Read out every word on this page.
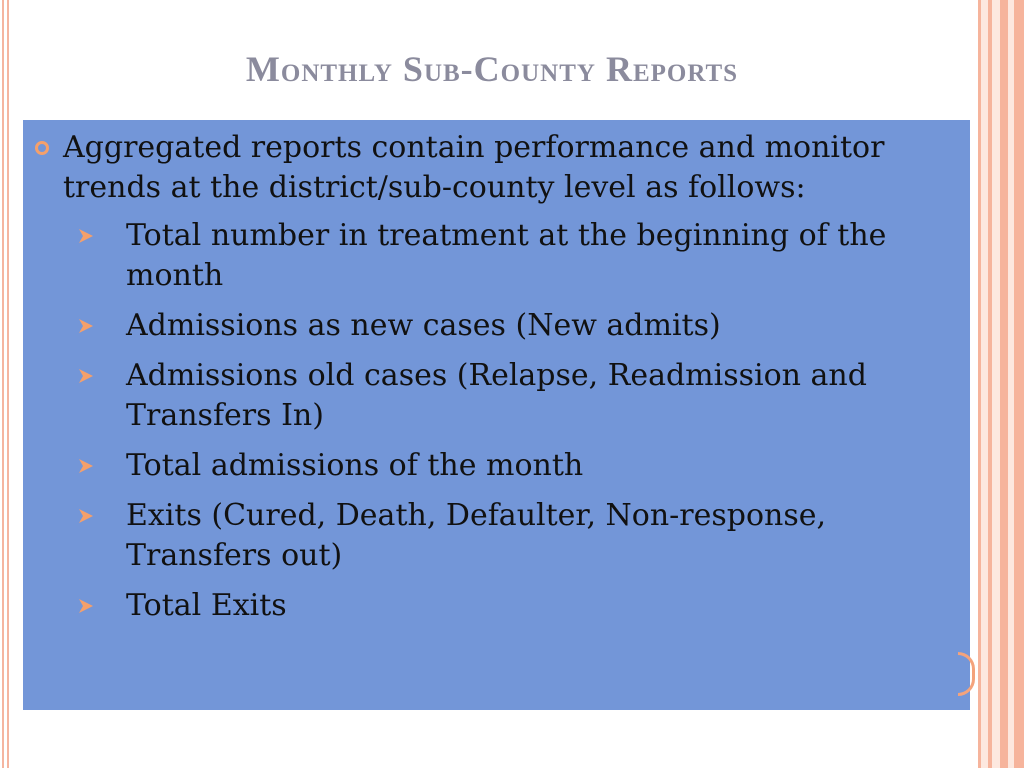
Monthly Sub-County Reports

Aggregated reports contain performance and monitor trends at the district/sub-county level as follows:

Total number in treatment at the beginning of the month
Admissions as new cases (New admits)
Admissions old cases (Relapse, Readmission and Transfers In)
Total admissions of the month
Exits (Cured, Death, Defaulter, Non-response, Transfers out)
Total Exits
